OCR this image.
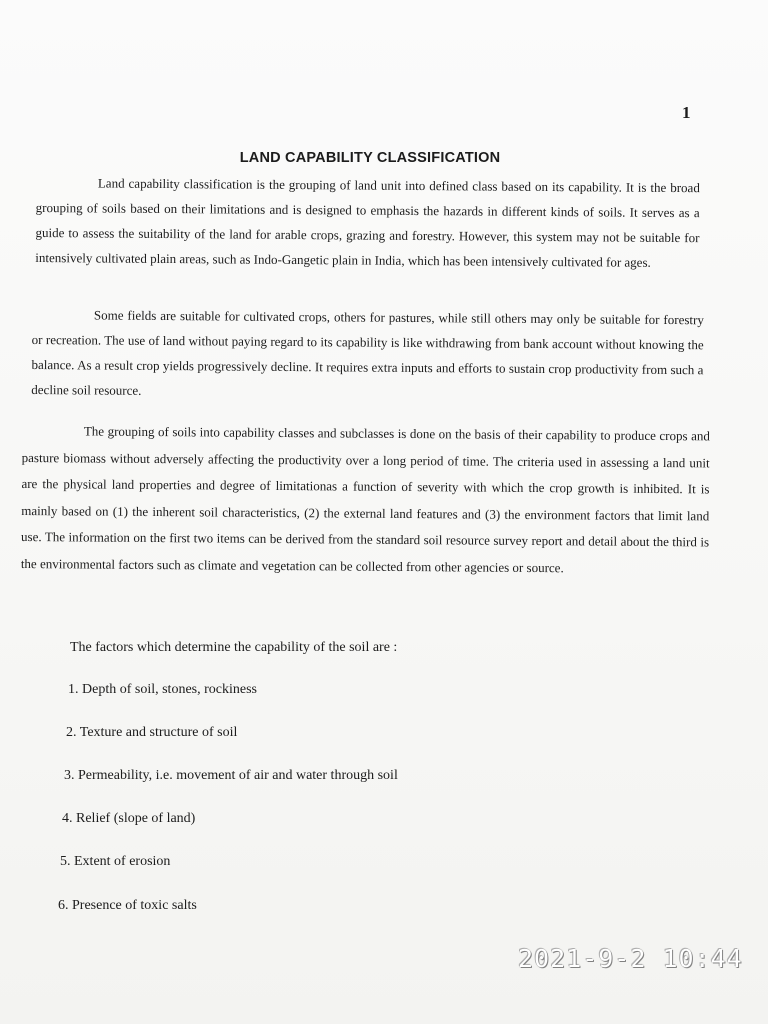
1
LAND CAPABILITY CLASSIFICATION

Land capability classification is the grouping of land unit into defined class based on its capability. It is the broad grouping of soils based on their limitations and is designed to emphasis the hazards in different kinds of soils. It serves as a guide to assess the suitability of the land for arable crops, grazing and forestry. However, this system may not be suitable for intensively cultivated plain areas, such as Indo-Gangetic plain in India, which has been intensively cultivated for ages.

Some fields are suitable for cultivated crops, others for pastures, while still others may only be suitable for forestry or recreation. The use of land without paying regard to its capability is like withdrawing from bank account without knowing the balance. As a result crop yields progressively decline. It requires extra inputs and efforts to sustain crop productivity from such a decline soil resource.

The grouping of soils into capability classes and subclasses is done on the basis of their capability to produce crops and pasture biomass without adversely affecting the productivity over a long period of time. The criteria used in assessing a land unit are the physical land properties and degree of limitationas a function of severity with which the crop growth is inhibited. It is mainly based on (1) the inherent soil characteristics, (2) the external land features and (3) the environment factors that limit land use. The information on the first two items can be derived from the standard soil resource survey report and detail about the third is the environmental factors such as climate and vegetation can be collected from other agencies or source.

The factors which determine the capability of the soil are :
1. Depth of soil, stones, rockiness
2. Texture and structure of soil
3. Permeability, i.e. movement of air and water through soil
4. Relief (slope of land)
5. Extent of erosion
6. Presence of toxic salts
2021-9-2 10:44
